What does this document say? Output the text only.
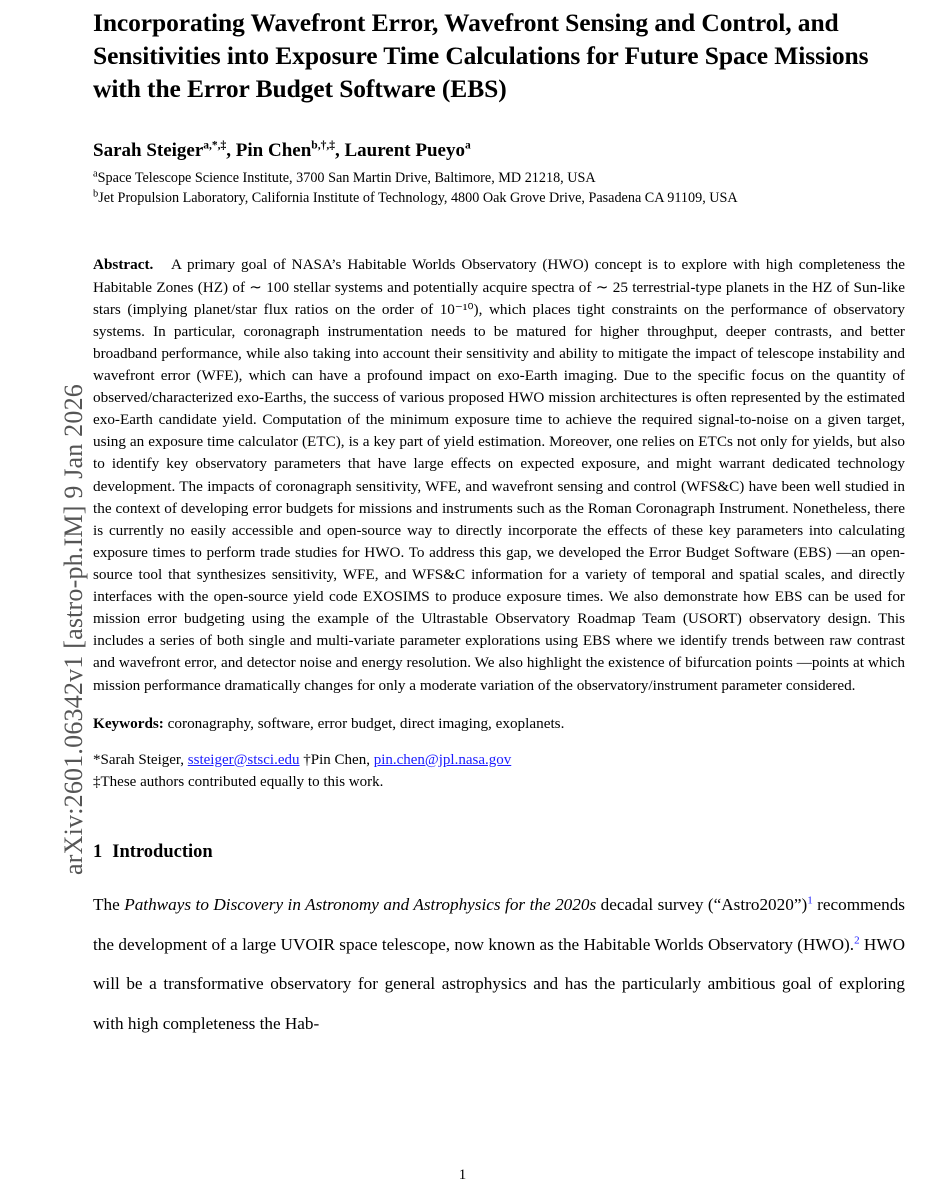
arXiv:2601.06342v1 [astro-ph.IM] 9 Jan 2026
Incorporating Wavefront Error, Wavefront Sensing and Control, and Sensitivities into Exposure Time Calculations for Future Space Missions with the Error Budget Software (EBS)
Sarah Steiger$^{a,*,\ddagger}$, Pin Chen$^{b,\dagger,\ddagger}$, Laurent Pueyo$^a$
$^a$Space Telescope Science Institute, 3700 San Martin Drive, Baltimore, MD 21218, USA
$^b$Jet Propulsion Laboratory, California Institute of Technology, 4800 Oak Grove Drive, Pasadena CA 91109, USA
Abstract. A primary goal of NASA’s Habitable Worlds Observatory (HWO) concept is to explore with high completeness the Habitable Zones (HZ) of ∼ 100 stellar systems and potentially acquire spectra of ∼ 25 terrestrial-type planets in the HZ of Sun-like stars (implying planet/star flux ratios on the order of 10⁻¹⁰), which places tight constraints on the performance of observatory systems. In particular, coronagraph instrumentation needs to be matured for higher throughput, deeper contrasts, and better broadband performance, while also taking into account their sensitivity and ability to mitigate the impact of telescope instability and wavefront error (WFE), which can have a profound impact on exo-Earth imaging. Due to the specific focus on the quantity of observed/characterized exo-Earths, the success of various proposed HWO mission architectures is often represented by the estimated exo-Earth candidate yield. Computation of the minimum exposure time to achieve the required signal-to-noise on a given target, using an exposure time calculator (ETC), is a key part of yield estimation. Moreover, one relies on ETCs not only for yields, but also to identify key observatory parameters that have large effects on expected exposure, and might warrant dedicated technology development. The impacts of coronagraph sensitivity, WFE, and wavefront sensing and control (WFS&C) have been well studied in the context of developing error budgets for missions and instruments such as the Roman Coronagraph Instrument. Nonetheless, there is currently no easily accessible and open-source way to directly incorporate the effects of these key parameters into calculating exposure times to perform trade studies for HWO. To address this gap, we developed the Error Budget Software (EBS) —an open-source tool that synthesizes sensitivity, WFE, and WFS&C information for a variety of temporal and spatial scales, and directly interfaces with the open-source yield code EXOSIMS to produce exposure times. We also demonstrate how EBS can be used for mission error budgeting using the example of the Ultrastable Observatory Roadmap Team (USORT) observatory design. This includes a series of both single and multi-variate parameter explorations using EBS where we identify trends between raw contrast and wavefront error, and detector noise and energy resolution. We also highlight the existence of bifurcation points —points at which mission performance dramatically changes for only a moderate variation of the observatory/instrument parameter considered.
Keywords: coronagraphy, software, error budget, direct imaging, exoplanets.
*Sarah Steiger, ssteiger@stsci.edu †Pin Chen, pin.chen@jpl.nasa.gov
‡These authors contributed equally to this work.
1 Introduction
The Pathways to Discovery in Astronomy and Astrophysics for the 2020s decadal survey (“Astro2020”)$^1$ recommends the development of a large UVOIR space telescope, now known as the Habitable Worlds Observatory (HWO).$^2$ HWO will be a transformative observatory for general astrophysics and has the particularly ambitious goal of exploring with high completeness the Hab-
1
